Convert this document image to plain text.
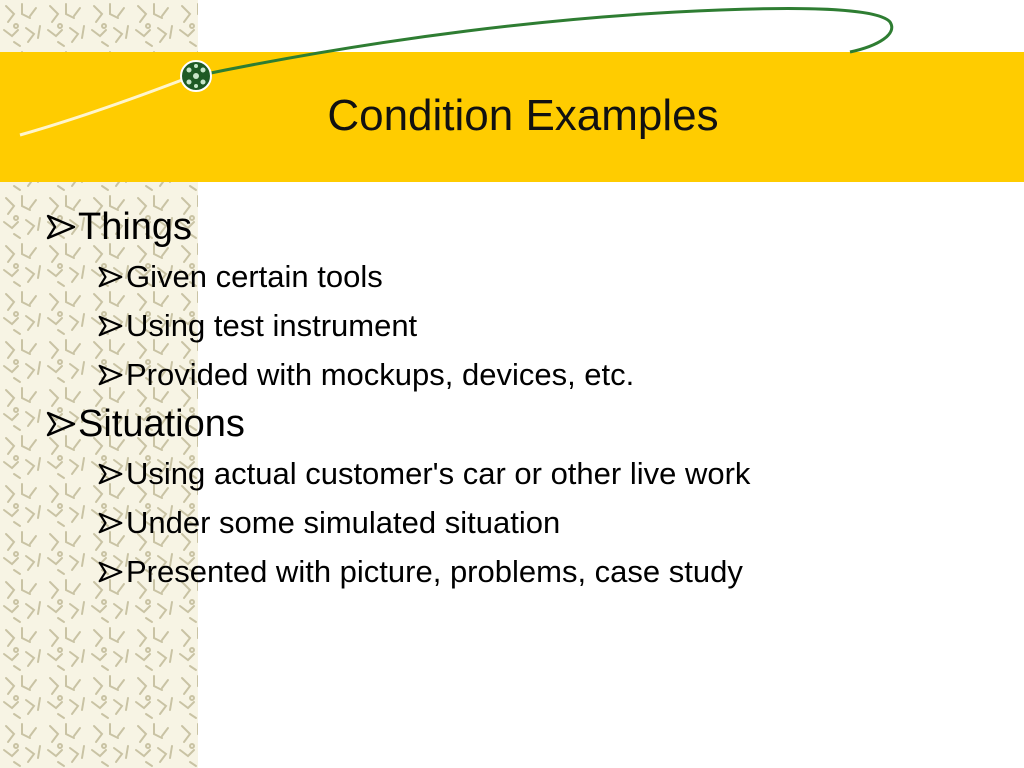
Condition Examples
Things
Given certain tools
Using test instrument
Provided with mockups, devices, etc.
Situations
Using actual customer's car or other live work
Under some simulated situation
Presented with picture, problems, case study
